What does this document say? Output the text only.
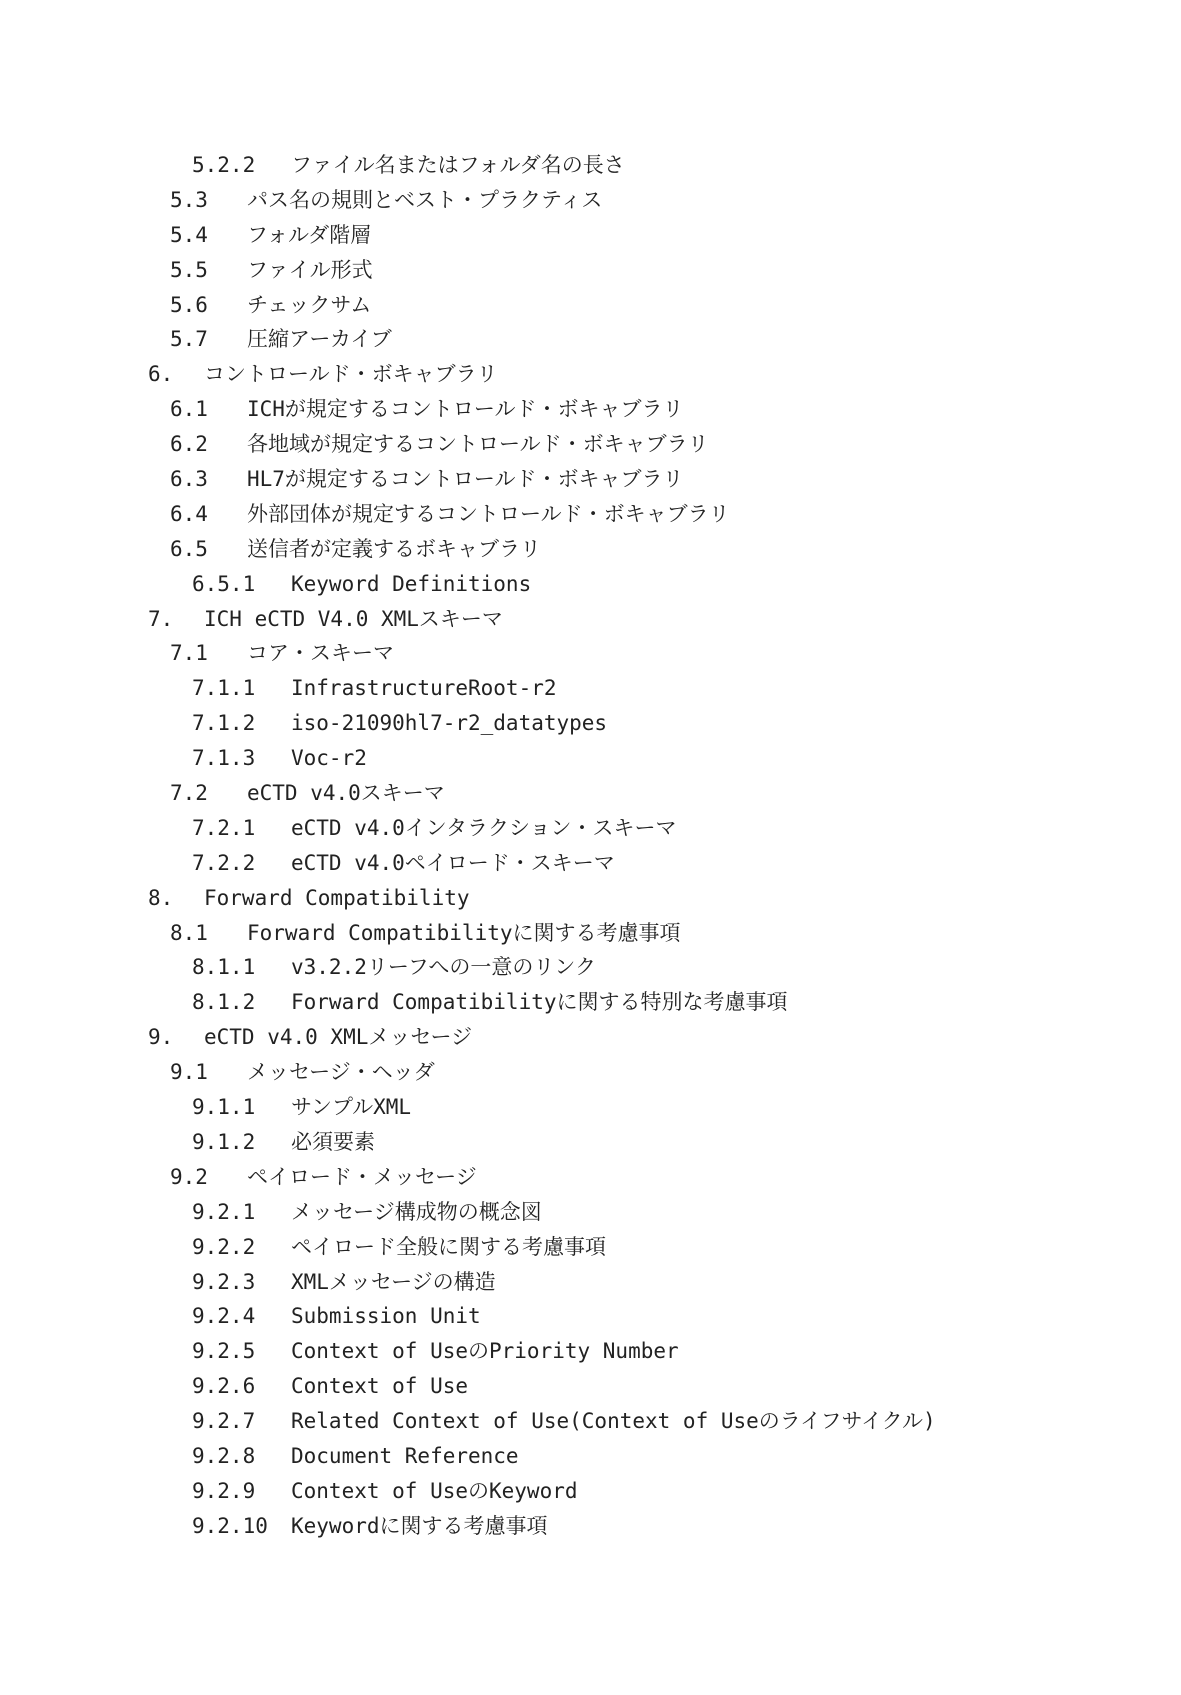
5.2.2 ファイル名またはフォルダ名の長さ
5.3 パス名の規則とベスト・プラクティス
5.4 フォルダ階層
5.5 ファイル形式
5.6 チェックサム
5.7 圧縮アーカイブ
6. コントロールド・ボキャブラリ
6.1 ICHが規定するコントロールド・ボキャブラリ
6.2 各地域が規定するコントロールド・ボキャブラリ
6.3 HL7が規定するコントロールド・ボキャブラリ
6.4 外部団体が規定するコントロールド・ボキャブラリ
6.5 送信者が定義するボキャブラリ
6.5.1 Keyword Definitions
7. ICH eCTD V4.0 XMLスキーマ
7.1 コア・スキーマ
7.1.1 InfrastructureRoot-r2
7.1.2 iso-21090hl7-r2_datatypes
7.1.3 Voc-r2
7.2 eCTD v4.0スキーマ
7.2.1 eCTD v4.0インタラクション・スキーマ
7.2.2 eCTD v4.0ペイロード・スキーマ
8. Forward Compatibility
8.1 Forward Compatibilityに関する考慮事項
8.1.1 v3.2.2リーフへの一意のリンク
8.1.2 Forward Compatibilityに関する特別な考慮事項
9. eCTD v4.0 XMLメッセージ
9.1 メッセージ・ヘッダ
9.1.1 サンプルXML
9.1.2 必須要素
9.2 ペイロード・メッセージ
9.2.1 メッセージ構成物の概念図
9.2.2 ペイロード全般に関する考慮事項
9.2.3 XMLメッセージの構造
9.2.4 Submission Unit
9.2.5 Context of UseのPriority Number
9.2.6 Context of Use
9.2.7 Related Context of Use(Context of Useのライフサイクル)
9.2.8 Document Reference
9.2.9 Context of UseのKeyword
9.2.10 Keywordに関する考慮事項
